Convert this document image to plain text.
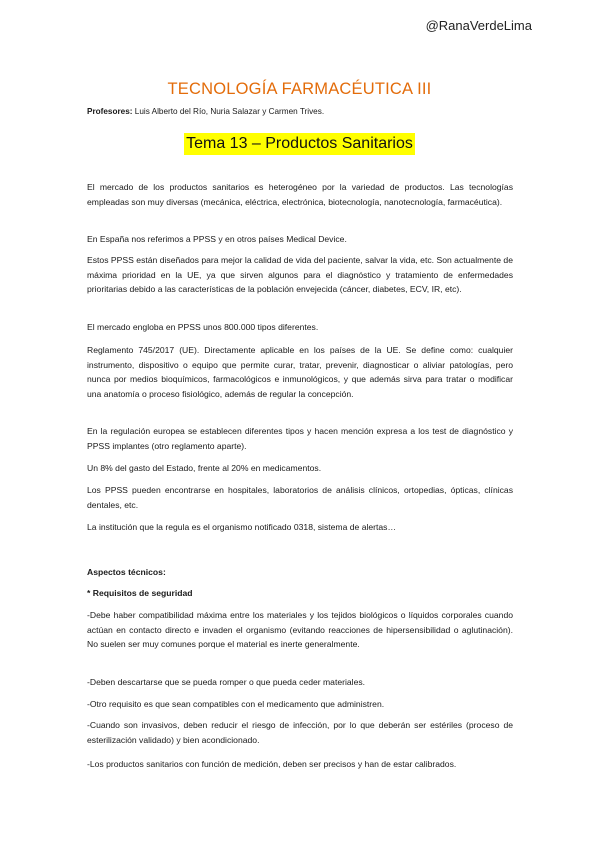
@RanaVerdeLima
TECNOLOGÍA FARMACÉUTICA III
Profesores: Luis Alberto del Río, Nuria Salazar y Carmen Trives.
Tema 13 – Productos Sanitarios

El mercado de los productos sanitarios es heterogéneo por la variedad de productos. Las tecnologías empleadas son muy diversas (mecánica, eléctrica, electrónica, biotecnología, nanotecnología, farmacéutica).

En España nos referimos a PPSS y en otros países Medical Device.

Estos PPSS están diseñados para mejor la calidad de vida del paciente, salvar la vida, etc. Son actualmente de máxima prioridad en la UE, ya que sirven algunos para el diagnóstico y tratamiento de enfermedades prioritarias debido a las características de la población envejecida (cáncer, diabetes, ECV, IR, etc).

El mercado engloba en PPSS unos 800.000 tipos diferentes.

Reglamento 745/2017 (UE). Directamente aplicable en los países de la UE. Se define como: cualquier instrumento, dispositivo o equipo que permite curar, tratar, prevenir, diagnosticar o aliviar patologías, pero nunca por medios bioquímicos, farmacológicos e inmunológicos, y que además sirva para tratar o modificar una anatomía o proceso fisiológico, además de regular la concepción.

En la regulación europea se establecen diferentes tipos y hacen mención expresa a los test de diagnóstico y PPSS implantes (otro reglamento aparte).

Un 8% del gasto del Estado, frente al 20% en medicamentos.

Los PPSS pueden encontrarse en hospitales, laboratorios de análisis clínicos, ortopedias, ópticas, clínicas dentales, etc.

La institución que la regula es el organismo notificado 0318, sistema de alertas…

Aspectos técnicos:
* Requisitos de seguridad

-Debe haber compatibilidad máxima entre los materiales y los tejidos biológicos o líquidos corporales cuando actúan en contacto directo e invaden el organismo (evitando reacciones de hipersensibilidad o aglutinación). No suelen ser muy comunes porque el material es inerte generalmente.

-Deben descartarse que se pueda romper o que pueda ceder materiales.

-Otro requisito es que sean compatibles con el medicamento que administren.

-Cuando son invasivos, deben reducir el riesgo de infección, por lo que deberán ser estériles (proceso de esterilización validado) y bien acondicionado.

-Los productos sanitarios con función de medición, deben ser precisos y han de estar calibrados.
